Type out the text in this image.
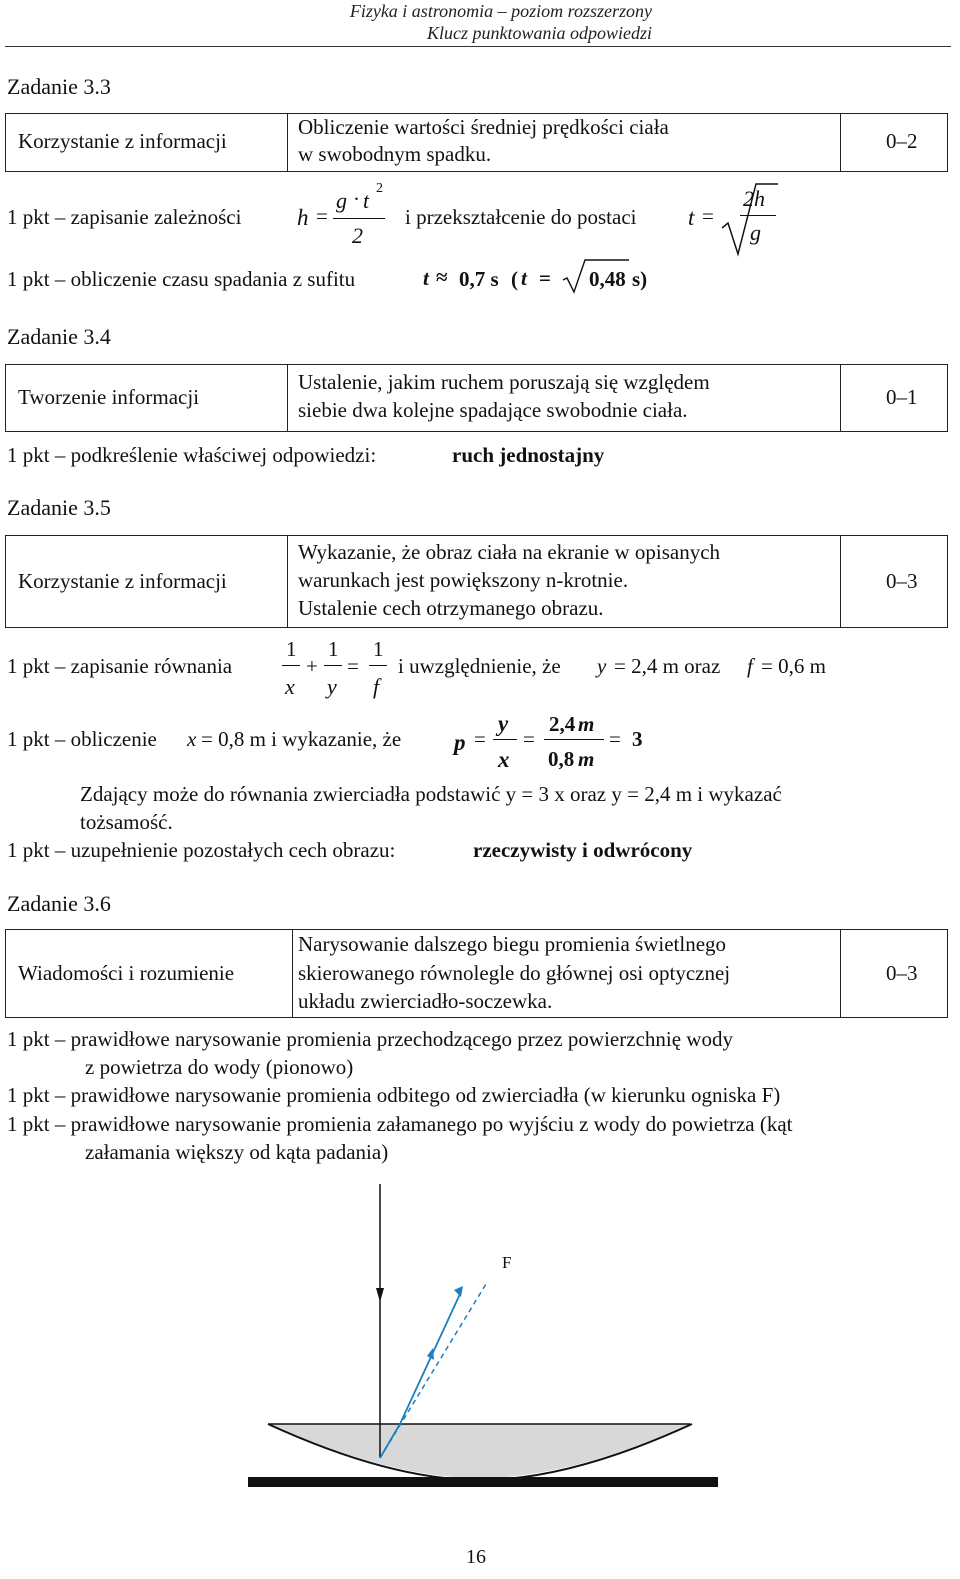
Fizyka i astronomia – poziom rozszerzony
Klucz punktowania odpowiedzi
Zadanie 3.3
Korzystanie z informacji
Obliczenie wartości średniej prędkości ciała
w swobodnym spadku.
0–2
1 pkt – zapisanie zależności h =
g · t 2
2
i przekształcenie do postaci t =
2h
g
1 pkt – obliczenie czasu spadania z sufitu	t ≈ 0,7 s ( t = 0,48 s)
Zadanie 3.4
Tworzenie informacji
Ustalenie, jakim ruchem poruszają się względem
siebie dwa kolejne spadające swobodnie ciała.
0–1
1 pkt – podkreślenie właściwej odpowiedzi:	ruch jednostajny
Zadanie 3.5
Korzystanie z informacji
Wykazanie, że obraz ciała na ekranie w opisanych
warunkach jest powiększony n-krotnie.
Ustalenie cech otrzymanego obrazu.
0–3
1 pkt – zapisanie równania
1
x
+
1
y
=
1
f
i uwzględnienie, że y = 2,4 m oraz f = 0,6 m
1 pkt – obliczenie x = 0,8 m i wykazanie, że p =
y
x
=
2,4 m
0,8 m
= 3
Zdający może do równania zwierciadła podstawić y = 3 x oraz y = 2,4 m i wykazać
tożsamość.
1 pkt – uzupełnienie pozostałych cech obrazu:	rzeczywisty i odwrócony
Zadanie 3.6
Wiadomości i rozumienie
Narysowanie dalszego biegu promienia świetlnego
skierowanego równolegle do głównej osi optycznej
układu zwierciadło-soczewka.
0–3
1 pkt – prawidłowe narysowanie promienia przechodzącego przez powierzchnię wody
z powietrza do wody (pionowo)
1 pkt – prawidłowe narysowanie promienia odbitego od zwierciadła (w kierunku ogniska F)
1 pkt – prawidłowe narysowanie promienia załamanego po wyjściu z wody do powietrza (kąt
załamania większy od kąta padania)
F
16
